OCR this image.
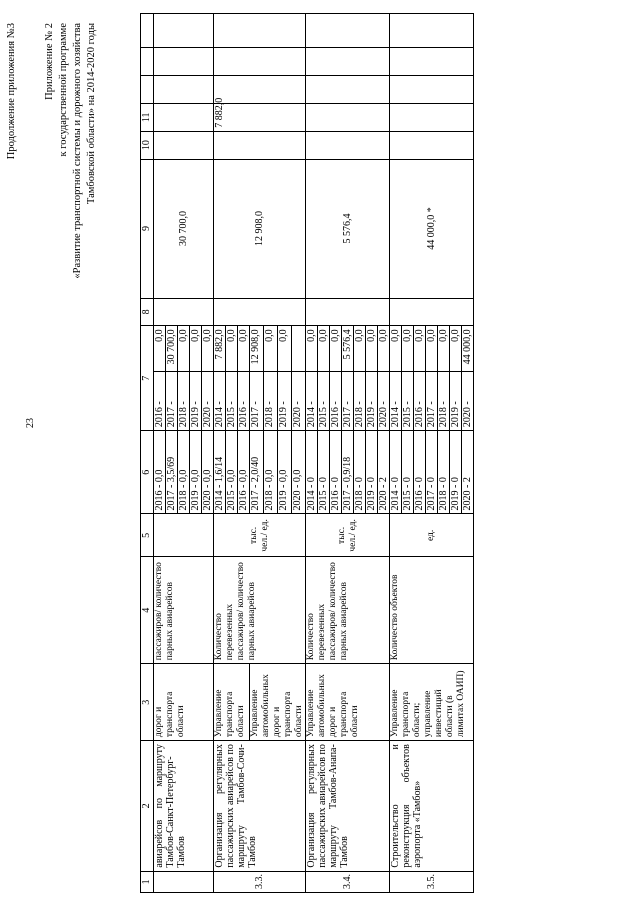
23
Продолжение приложения №3	Приложение № 2 к государственной программе «Развитие транспортной системы и дорожного хозяйства Тамбовской области» на 2014-2020 годы
1	2	3	4	5	6	7		8	9	10	11			
	авиарейсов по маршруту Тамбов-Санкт-Петербург-Тамбов	дорог и транспорта области	пассажиров/ количество парных авиарейсов		2016 - 0,0	2016 -	0,0		30 700,0					
					2017 - 3,5/69	2017 -	30 700,0							
					2018 - 0,0	2018 -	0,0							
					2019 - 0,0	2019 -	0,0							
					2020 - 0,0	2020 -	0,0							
3.3.	Организация регулярных пассажирских авиарейсов по маршруту Тамбов-Сочи-Тамбов	Управление транспорта области	Количество перевезенных пассажиров/ количество парных авиарейсов	тыс. чел./ ед.	2014 - 1,6/14	2014 -	7 882,0		12 908,0		7 882,0			
					2015 - 0,0	2015 -	0,0							
					2016 - 0,0	2016 -	0,0							
		Управление автомобильных дорог и транспорта области			2017 - 2,0/40	2017 -	12 908,0							
					2018 - 0,0	2018 -	0,0							
					2019 - 0,0	2019 -	0,0							
					2020 - 0,0	2020 -								
3.4.	Организация регулярных пассажирских авиарейсов по маршруту Тамбов-Анапа-Тамбов	Управление автомобильных дорог и транспорта области	Количество перевезенных пассажиров/ количество парных авиарейсов	тыс. чел./ ед.	2014 - 0	2014 -	0,0		5 576,4					
					2015 - 0	2015 -	0,0							
					2016 - 0	2016 -	0,0							
					2017 - 0,9/18	2017 -	5 576,4							
					2018 - 0	2018 -	0,0							
					2019 - 0	2019 -	0,0							
					2020 - 2	2020 -	0,0							
3.5.	Строительство и реконструкция объектов аэропорта «Тамбов»	Управление транспорта области; управление инвестиций области (в лимитах ОАИП)	Количество объектов	ед.	2014 - 0	2014 -	0,0		44 000,0 *					
					2015 - 0	2015 -	0,0							
					2016 - 0	2016 -	0,0							
					2017 - 0	2017 -	0,0							
					2018 - 0	2018 -	0,0							
					2019 - 0	2019 -	0,0							
					2020 - 2	2020 -	44 000,0							
